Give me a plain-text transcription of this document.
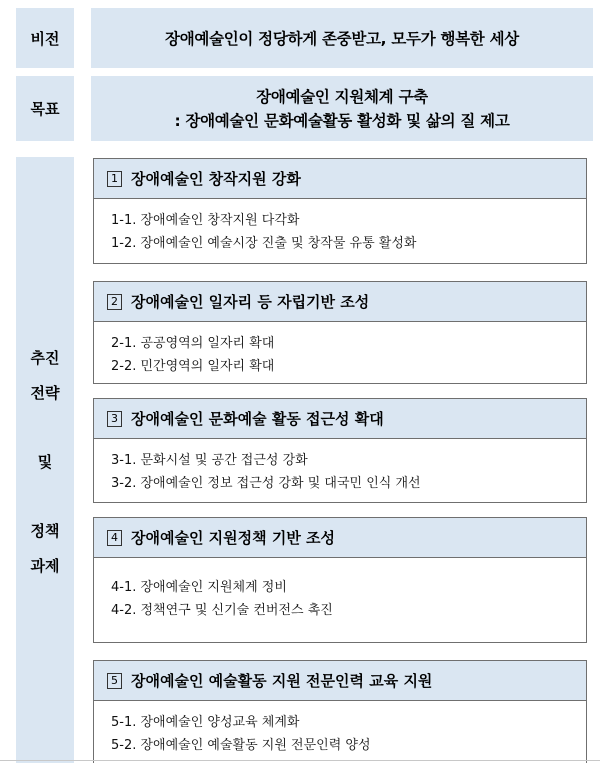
비전	장애예술인이 정당하게 존중받고, 모두가 행복한 세상
목표
장애예술인 지원체계 구축
: 장애예술인 문화예술활동 활성화 및 삶의 질 제고
추진
전략
및
정책
과제
1 장애예술인 창작지원 강화
1-1. 장애예술인 창작지원 다각화
1-2. 장애예술인 예술시장 진출 및 창작물 유통 활성화
2 장애예술인 일자리 등 자립기반 조성
2-1. 공공영역의 일자리 확대
2-2. 민간영역의 일자리 확대
3 장애예술인 문화예술 활동 접근성 확대
3-1. 문화시설 및 공간 접근성 강화
3-2. 장애예술인 정보 접근성 강화 및 대국민 인식 개선
4 장애예술인 지원정책 기반 조성
4-1. 장애예술인 지원체계 정비
4-2. 정책연구 및 신기술 컨버전스 촉진
5 장애예술인 예술활동 지원 전문인력 교육 지원
5-1. 장애예술인 양성교육 체계화
5-2. 장애예술인 예술활동 지원 전문인력 양성
